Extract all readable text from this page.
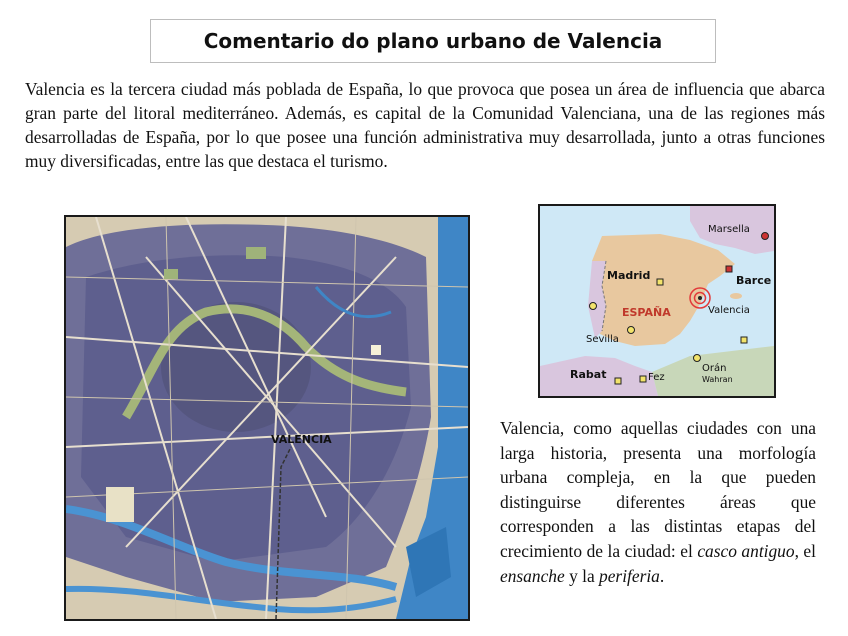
Comentario do plano urbano de Valencia

Valencia es la tercera ciudad más poblada de España, lo que provoca que posea un área de influencia que abarca gran parte del litoral mediterráneo. Además, es capital de la Comunidad Valenciana, una de las regiones más desarrolladas de España, por lo que posee una función administrativa muy desarrollada, junto a otras funciones muy diversificadas, entre las que destaca el turismo.

VALENCIA
Marsella
Madrid	Barce
ESPAÑA	Valencia
Sevilla
Orán
Wahran
Rabat	Fez

Valencia, como aquellas ciudades con una larga historia, presenta una morfología urbana compleja, en la que pueden distinguirse diferentes áreas que corresponden a las distintas etapas del crecimiento de la ciudad: el casco antiguo, el ensanche y la periferia.
